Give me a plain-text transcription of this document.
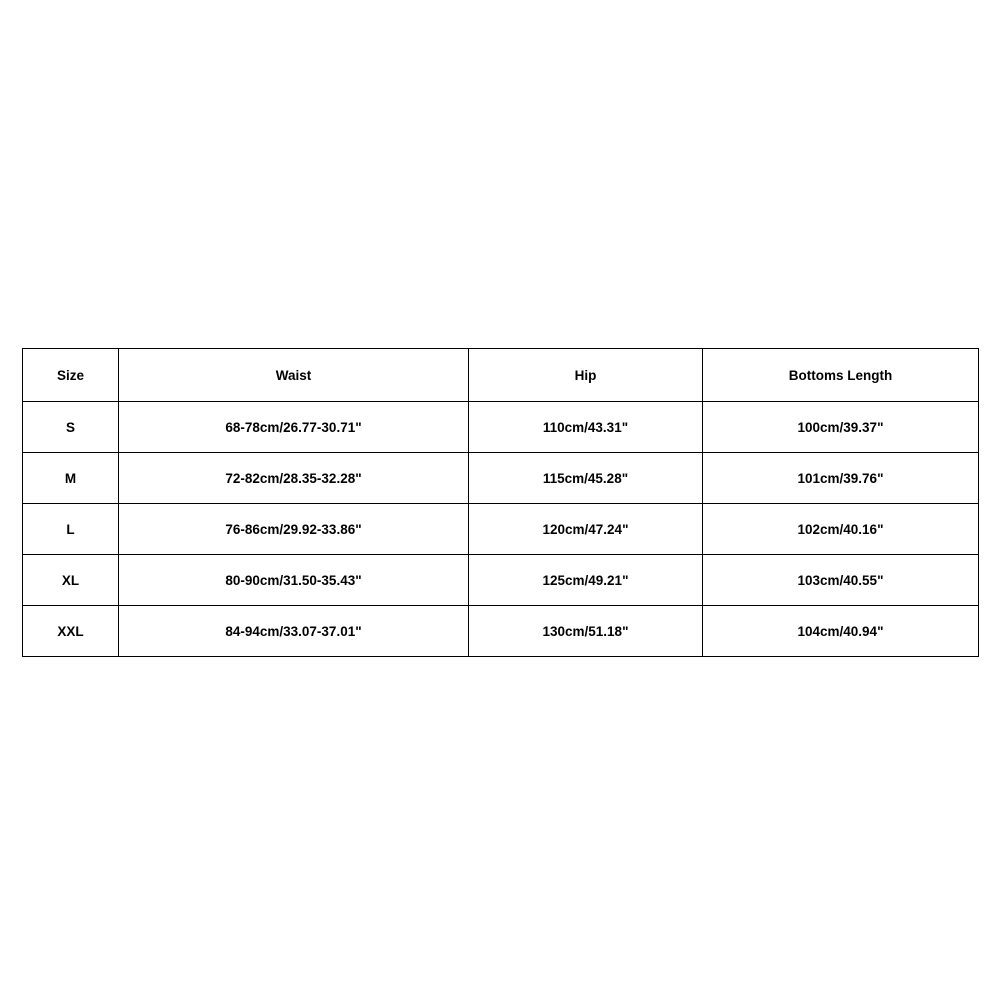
Size	Waist	Hip	Bottoms Length
S	68-78cm/26.77-30.71"	110cm/43.31"	100cm/39.37"
M	72-82cm/28.35-32.28"	115cm/45.28"	101cm/39.76"
L	76-86cm/29.92-33.86"	120cm/47.24"	102cm/40.16"
XL	80-90cm/31.50-35.43"	125cm/49.21"	103cm/40.55"
XXL	84-94cm/33.07-37.01"	130cm/51.18"	104cm/40.94"
